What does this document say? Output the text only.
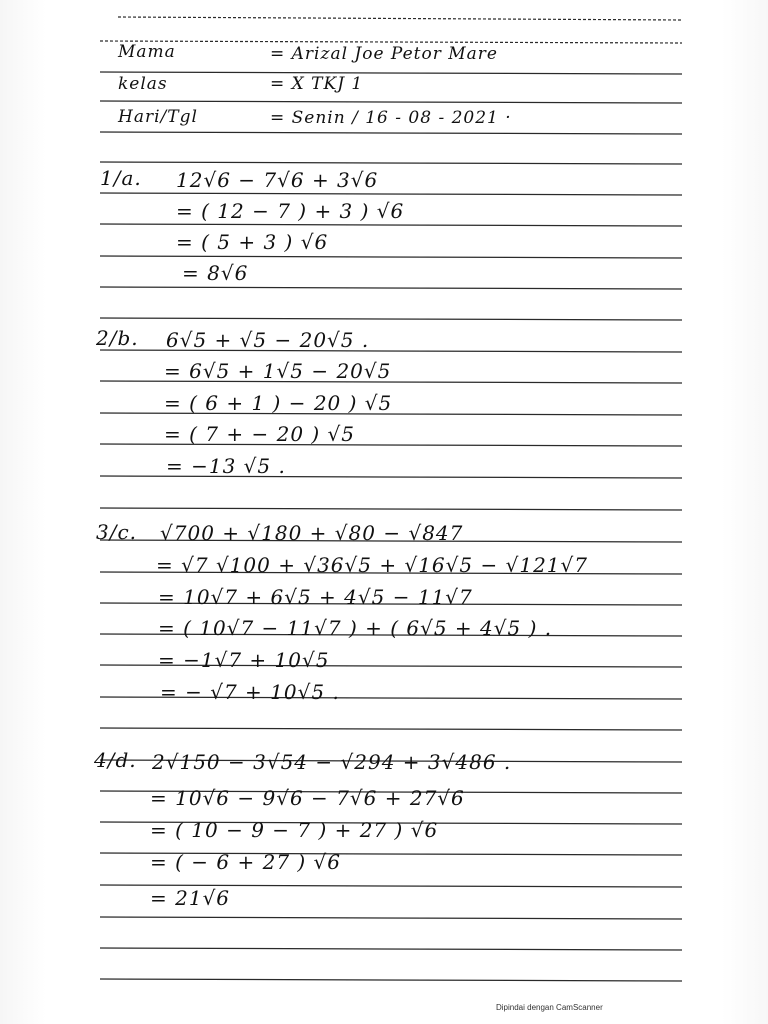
Mama	= Arizal Joe Petor Mare
kelas	= X TKJ 1
Hari/Tgl	= Senin / 16 - 08 - 2021 ·
1/a. 12√6 − 7√6 + 3√6
= ( 12 − 7 ) + 3 ) √6
= ( 5 + 3 ) √6
= 8√6
2/b. 6√5 + √5 − 20√5 .
= 6√5 + 1√5 − 20√5
= ( 6 + 1 ) − 20 ) √5
= ( 7 + − 20 ) √5
= −13 √5 .
3/c. √700 + √180 + √80 − √847
= √7 √100 + √36√5 + √16√5 − √121√7
= 10√7 + 6√5 + 4√5 − 11√7
= ( 10√7 − 11√7 ) + ( 6√5 + 4√5 ) .
= −1√7 + 10√5
= − √7 + 10√5 .
4/d. 2√150 − 3√54 − √294 + 3√486 .
= 10√6 − 9√6 − 7√6 + 27√6
= ( 10 − 9 − 7 ) + 27 ) √6
= ( − 6 + 27 ) √6
= 21√6
Dipindai dengan CamScanner
